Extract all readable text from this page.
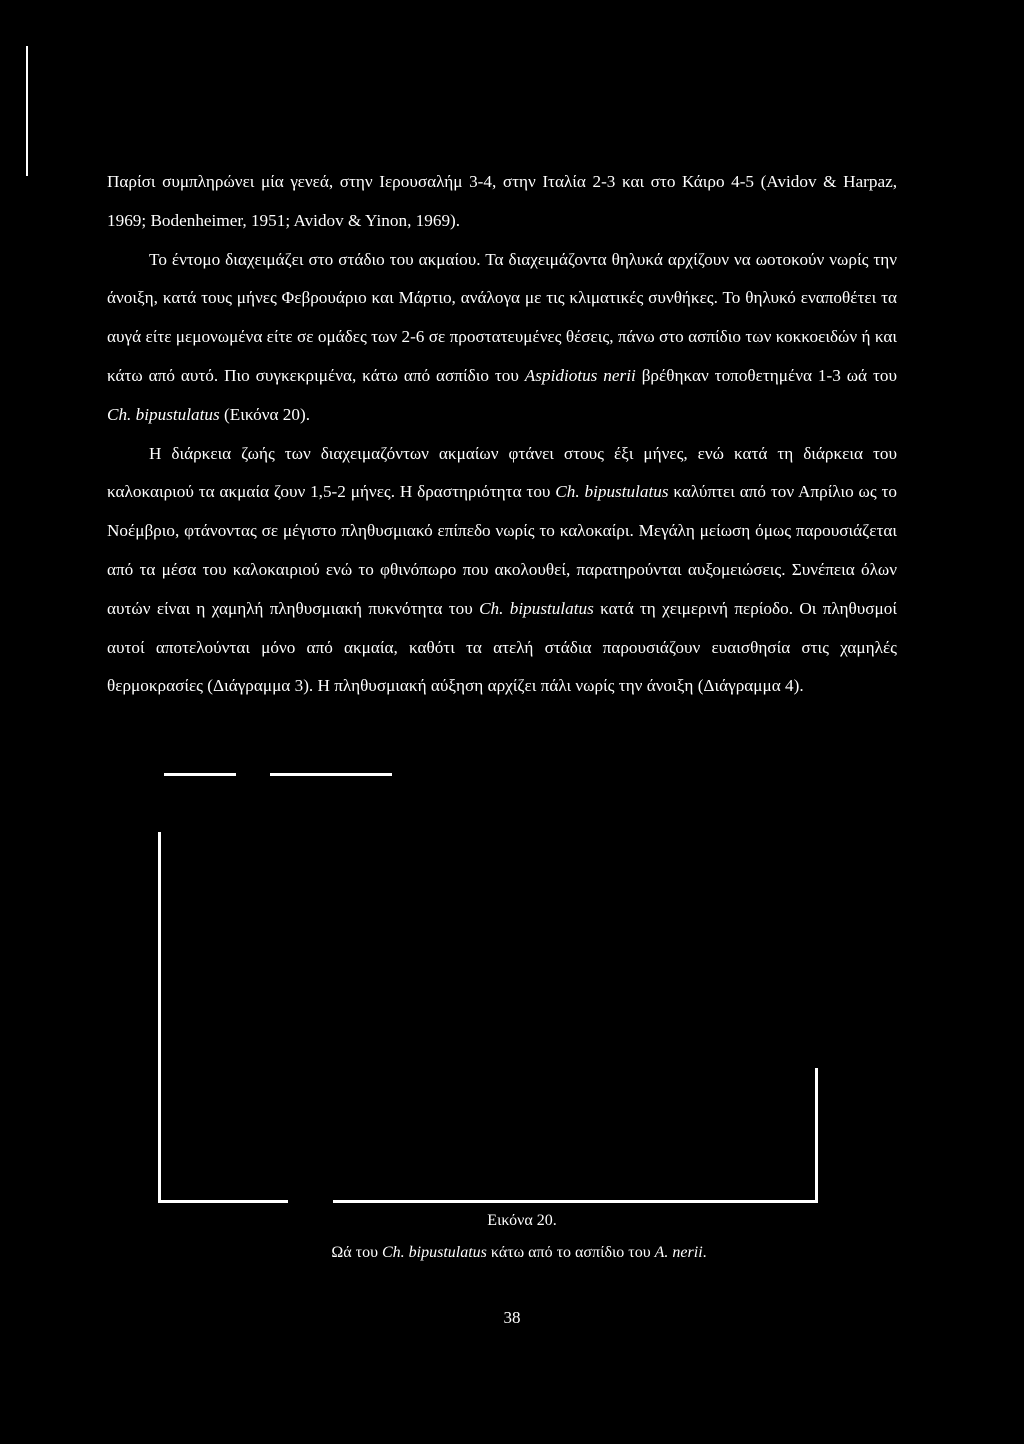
Παρίσι συμπληρώνει μία γενεά, στην Ιερουσαλήμ 3-4, στην Ιταλία 2-3 και στο Κάιρο 4-5 (Avidov & Harpaz, 1969; Bodenheimer, 1951; Avidov & Yinon, 1969).

Το έντομο διαχειμάζει στο στάδιο του ακμαίου. Τα διαχειμάζοντα θηλυκά αρχίζουν να ωοτοκούν νωρίς την άνοιξη, κατά τους μήνες Φεβρουάριο και Μάρτιο, ανάλογα με τις κλιματικές συνθήκες. Το θηλυκό εναποθέτει τα αυγά είτε μεμονωμένα είτε σε ομάδες των 2-6 σε προστατευμένες θέσεις, πάνω στο ασπίδιο των κοκκοειδών ή και κάτω από αυτό. Πιο συγκεκριμένα, κάτω από ασπίδιο του Aspidiotus nerii βρέθηκαν τοποθετημένα 1-3 ωά του Ch. bipustulatus (Εικόνα 20).

Η διάρκεια ζωής των διαχειμαζόντων ακμαίων φτάνει στους έξι μήνες, ενώ κατά τη διάρκεια του καλοκαιριού τα ακμαία ζουν 1,5-2 μήνες. Η δραστηριότητα του Ch. bipustulatus καλύπτει από τον Απρίλιο ως το Νοέμβριο, φτάνοντας σε μέγιστο πληθυσμιακό επίπεδο νωρίς το καλοκαίρι. Μεγάλη μείωση όμως παρουσιάζεται από τα μέσα του καλοκαιριού ενώ το φθινόπωρο που ακολουθεί, παρατηρούνται αυξομειώσεις. Συνέπεια όλων αυτών είναι η χαμηλή πληθυσμιακή πυκνότητα του Ch. bipustulatus κατά τη χειμερινή περίοδο. Οι πληθυσμοί αυτοί αποτελούνται μόνο από ακμαία, καθότι τα ατελή στάδια παρουσιάζουν ευαισθησία στις χαμηλές θερμοκρασίες (Διάγραμμα 3). Η πληθυσμιακή αύξηση αρχίζει πάλι νωρίς την άνοιξη (Διάγραμμα 4).

Εικόνα 20.
Ωά του Ch. bipustulatus κάτω από το ασπίδιο του A. nerii.
38
